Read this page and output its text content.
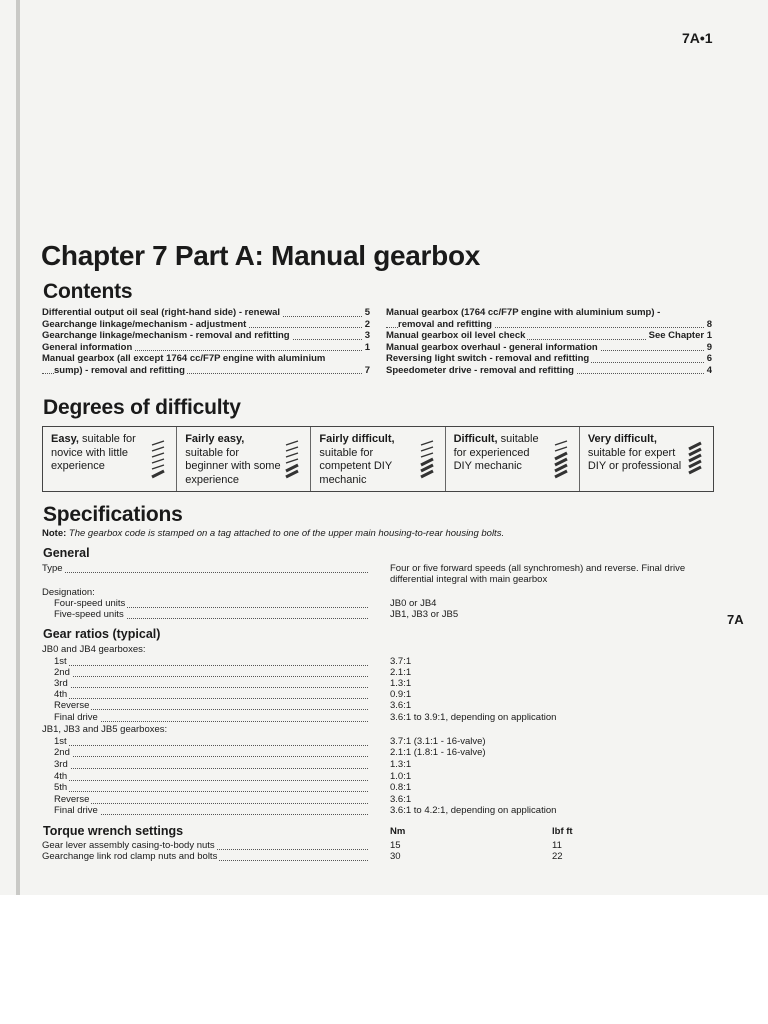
7A•1
Chapter 7 Part A: Manual gearbox
Contents
Differential output oil seal (right-hand side) - renewal	5
Gearchange linkage/mechanism - adjustment	2
Gearchange linkage/mechanism - removal and refitting	3
General information	1
Manual gearbox (all except 1764 cc/F7P engine with aluminium
sump) - removal and refitting	7
Manual gearbox (1764 cc/F7P engine with aluminium sump) -
removal and refitting	8
Manual gearbox oil level check	See Chapter 1
Manual gearbox overhaul - general information	9
Reversing light switch - removal and refitting	6
Speedometer drive - removal and refitting	4
Degrees of difficulty
Easy, suitable for novice with little experience
Fairly easy, suitable for beginner with some experience
Fairly difficult, suitable for competent DIY mechanic
Difficult, suitable for experienced DIY mechanic
Very difficult, suitable for expert DIY or professional
Specifications
Note: The gearbox code is stamped on a tag attached to one of the upper main housing-to-rear housing bolts.
General
Type	Four or five forward speeds (all synchromesh) and reverse. Final drive
differential integral with main gearbox
Designation:
Four-speed units	JB0 or JB4
Five-speed units	JB1, JB3 or JB5
Gear ratios (typical)
JB0 and JB4 gearboxes:
1st	3.7:1
2nd	2.1:1
3rd	1.3:1
4th	0.9:1
Reverse	3.6:1
Final drive	3.6:1 to 3.9:1, depending on application
JB1, JB3 and JB5 gearboxes:
1st	3.7:1 (3.1:1 - 16-valve)
2nd	2.1:1 (1.8:1 - 16-valve)
3rd	1.3:1
4th	1.0:1
5th	0.8:1
Reverse	3.6:1
Final drive	3.6:1 to 4.2:1, depending on application
Torque wrench settings	Nm	lbf ft
Gear lever assembly casing-to-body nuts	15	11
Gearchange link rod clamp nuts and bolts	30	22
7A
